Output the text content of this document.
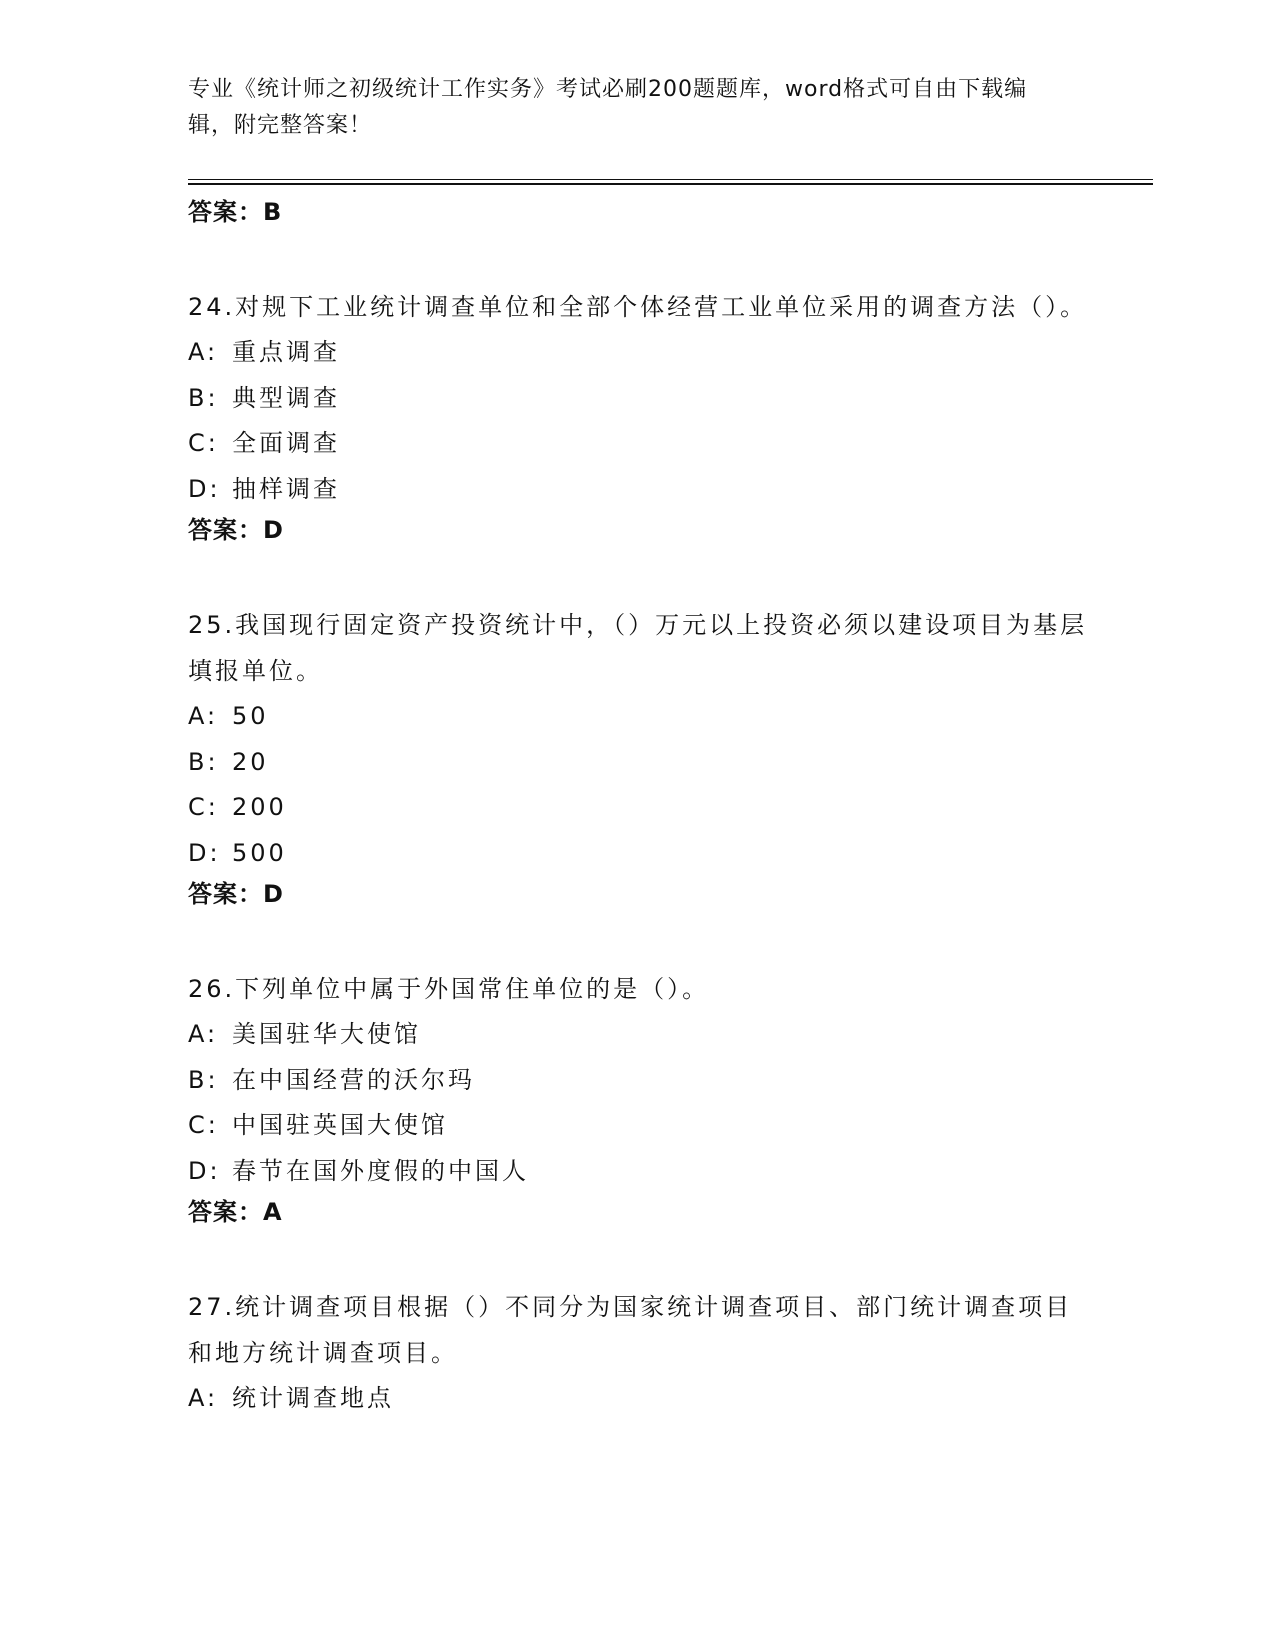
专业《统计师之初级统计工作实务》考试必刷200题题库，word格式可自由下载编辑，附完整答案！
答案：B
24.对规下工业统计调查单位和全部个体经营工业单位采用的调查方法（）。
A: 重点调查
B: 典型调查
C: 全面调查
D: 抽样调查
答案：D
25.我国现行固定资产投资统计中，（）万元以上投资必须以建设项目为基层填报单位。
A: 50
B: 20
C: 200
D: 500
答案：D
26.下列单位中属于外国常住单位的是（）。
A: 美国驻华大使馆
B: 在中国经营的沃尔玛
C: 中国驻英国大使馆
D: 春节在国外度假的中国人
答案：A
27.统计调查项目根据（）不同分为国家统计调查项目、部门统计调查项目和地方统计调查项目。
A: 统计调查地点
